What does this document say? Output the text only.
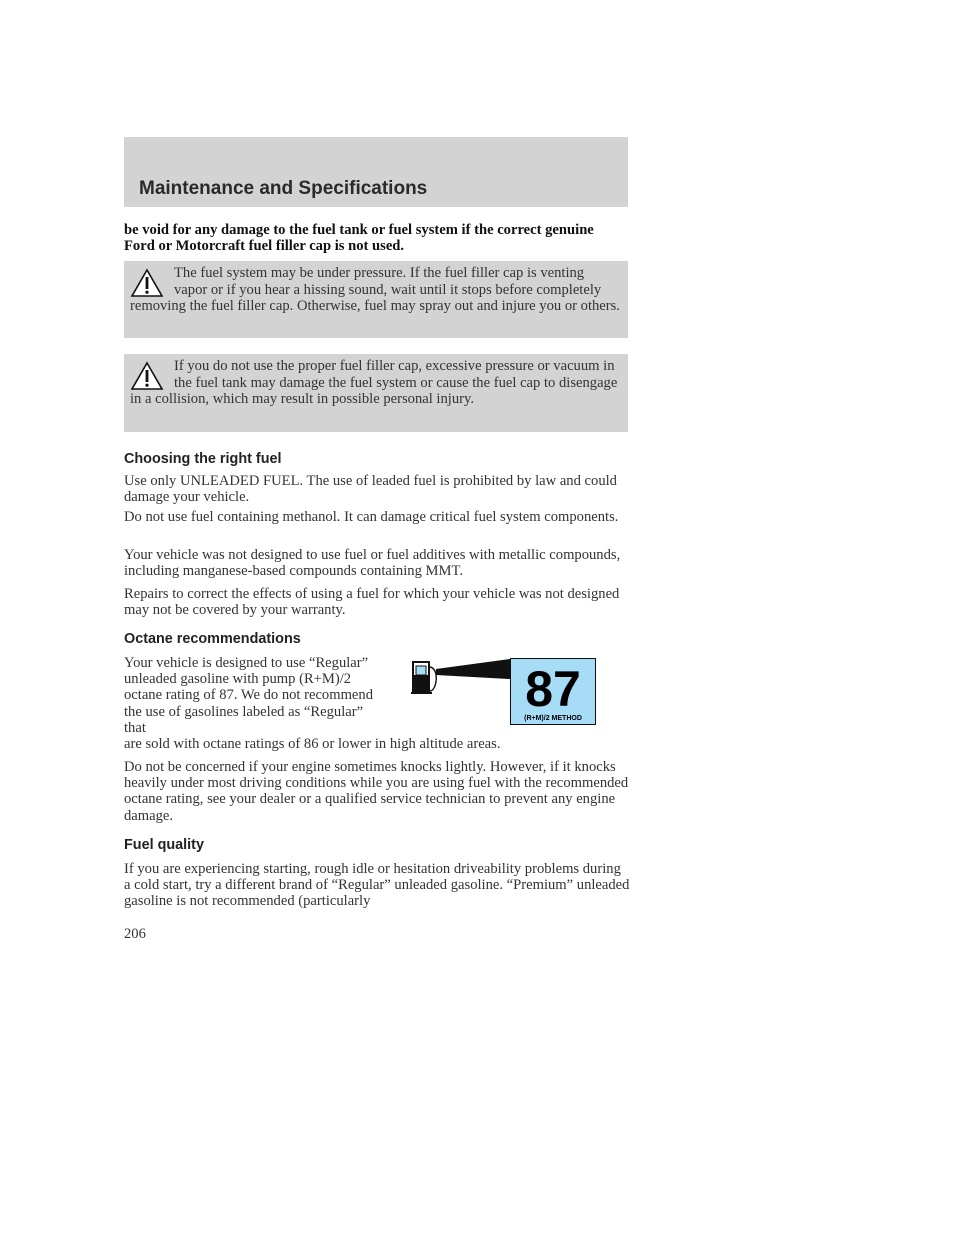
Maintenance and Specifications
be void for any damage to the fuel tank or fuel system if the correct genuine Ford or Motorcraft fuel filler cap is not used.
The fuel system may be under pressure. If the fuel filler cap is venting vapor or if you hear a hissing sound, wait until it stops before completely removing the fuel filler cap. Otherwise, fuel may spray out and injure you or others.
If you do not use the proper fuel filler cap, excessive pressure or vacuum in the fuel tank may damage the fuel system or cause the fuel cap to disengage in a collision, which may result in possible personal injury.
Choosing the right fuel
Use only UNLEADED FUEL. The use of leaded fuel is prohibited by law and could damage your vehicle.
Do not use fuel containing methanol. It can damage critical fuel system components.
Your vehicle was not designed to use fuel or fuel additives with metallic compounds, including manganese-based compounds containing MMT.
Repairs to correct the effects of using a fuel for which your vehicle was not designed may not be covered by your warranty.
Octane recommendations
Your vehicle is designed to use “Regular” unleaded gasoline with pump (R+M)/2 octane rating of 87. We do not recommend the use of gasolines labeled as “Regular” that
are sold with octane ratings of 86 or lower in high altitude areas.
87
(R+M)/2 METHOD
Do not be concerned if your engine sometimes knocks lightly. However, if it knocks heavily under most driving conditions while you are using fuel with the recommended octane rating, see your dealer or a qualified service technician to prevent any engine damage.
Fuel quality
If you are experiencing starting, rough idle or hesitation driveability problems during a cold start, try a different brand of “Regular” unleaded gasoline. “Premium” unleaded gasoline is not recommended (particularly
206
